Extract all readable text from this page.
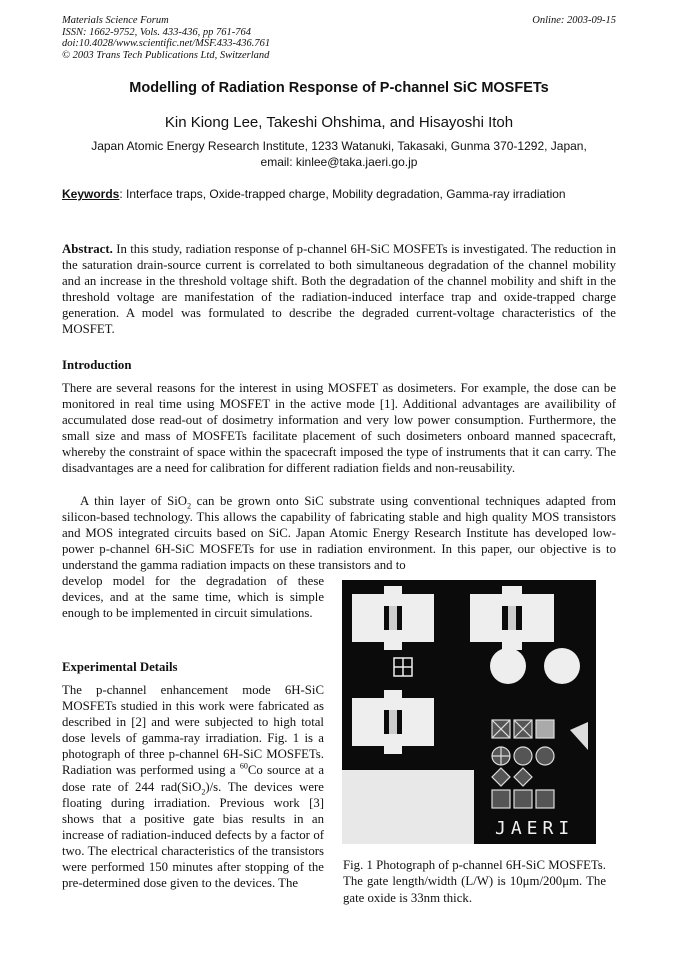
Materials Science Forum
ISSN: 1662-9752, Vols. 433-436, pp 761-764
doi:10.4028/www.scientific.net/MSF.433-436.761
© 2003 Trans Tech Publications Ltd, Switzerland
Online: 2003-09-15
Modelling of Radiation Response of P-channel SiC MOSFETs
Kin Kiong Lee, Takeshi Ohshima, and Hisayoshi Itoh
Japan Atomic Energy Research Institute, 1233 Watanuki, Takasaki, Gunma 370-1292, Japan,
email: kinlee@taka.jaeri.go.jp
Keywords: Interface traps, Oxide-trapped charge, Mobility degradation, Gamma-ray irradiation
Abstract. In this study, radiation response of p-channel 6H-SiC MOSFETs is investigated. The reduction in the saturation drain-source current is correlated to both simultaneous degradation of the channel mobility and an increase in the threshold voltage shift. Both the degradation of the channel mobility and shift in the threshold voltage are manifestation of the radiation-induced interface trap and oxide-trapped charge generation. A model was formulated to describe the degraded current-voltage characteristics of the MOSFET.
Introduction
There are several reasons for the interest in using MOSFET as dosimeters. For example, the dose can be monitored in real time using MOSFET in the active mode [1]. Additional advantages are availibility of accumulated dose read-out of dosimetry information and very low power consumption. Furthermore, the small size and mass of MOSFETs facilitate placement of such dosimeters onboard manned spacecraft, whereby the constraint of space within the spacecraft imposed the type of instruments that it can carry. The disadvantages are a need for calibration for different radiation fields and non-reusability.
A thin layer of SiO$_2$ can be grown onto SiC substrate using conventional techniques adapted from silicon-based technology. This allows the capability of fabricating stable and high quality MOS transistors and MOS integrated circuits based on SiC. Japan Atomic Energy Research Institute has developed low-power p-channel 6H-SiC MOSFETs for use in radiation environment. In this paper, our objective is to understand the gamma radiation impacts on these transistors and to
develop model for the degradation of these devices, and at the same time, which is simple enough to be implemented in circuit simulations.
Experimental Details
The p-channel enhancement mode 6H-SiC MOSFETs studied in this work were fabricated as described in [2] and were subjected to high total dose levels of gamma-ray irradiation. Fig. 1 is a photograph of three p-channel 6H-SiC MOSFETs. Radiation was performed using a $^{60}$Co source at a dose rate of 244 rad(SiO$_2$)/s. The devices were floating during irradiation. Previous work [3] shows that a positive gate bias results in an increase of radiation-induced defects by a factor of two. The electrical characteristics of the transistors were performed 150 minutes after stopping of the pre-determined dose given to the devices. The
JAERI
Fig. 1 Photograph of p-channel 6H-SiC MOSFETs. The gate length/width (L/W) is 10μm/200μm. The gate oxide is 33nm thick.
